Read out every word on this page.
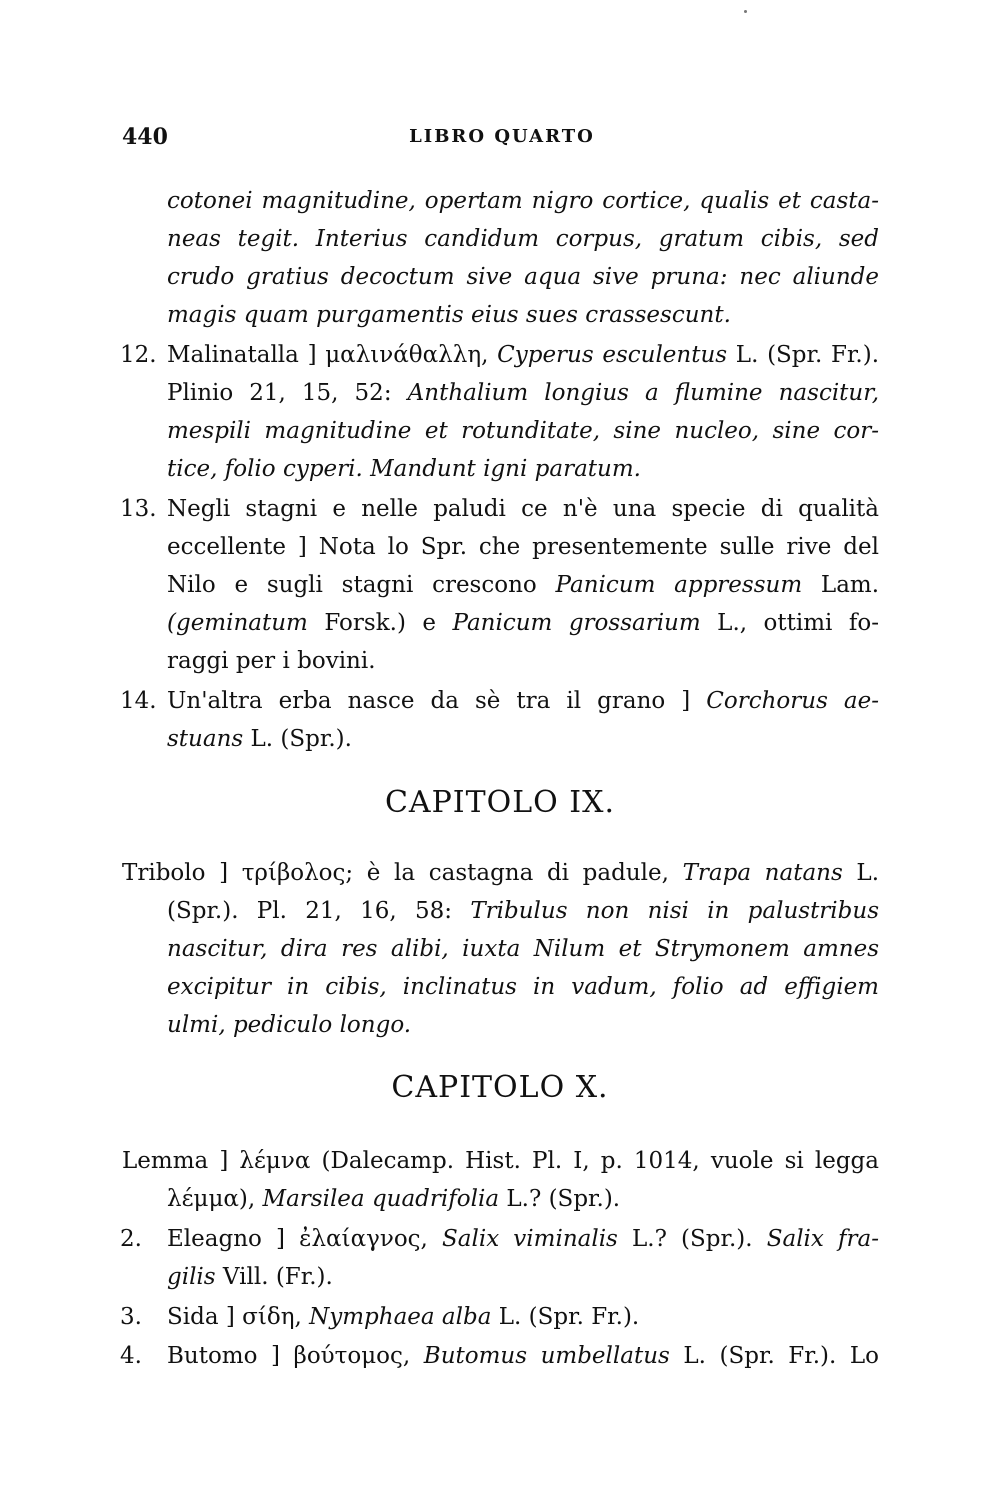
440	LIBRO QUARTO
cotonei magnitudine, opertam nigro cortice, qualis et casta-
neas tegit. Interius candidum corpus, gratum cibis, sed
crudo gratius decoctum sive aqua sive pruna: nec aliunde
magis quam purgamentis eius sues crassescunt.
12. Malinatalla ] μαλινάθαλλη, Cyperus esculentus L. (Spr. Fr.).
Plinio 21, 15, 52: Anthalium longius a flumine nascitur,
mespili magnitudine et rotunditate, sine nucleo, sine cor-
tice, folio cyperi. Mandunt igni paratum.
13. Negli stagni e nelle paludi ce n'è una specie di qualità
eccellente ] Nota lo Spr. che presentemente sulle rive del
Nilo e sugli stagni crescono Panicum appressum Lam.
(geminatum Forsk.) e Panicum grossarium L., ottimi fo-
raggi per i bovini.
14. Un'altra erba nasce da sè tra il grano ] Corchorus ae-
stuans L. (Spr.).
CAPITOLO IX.
Tribolo ] τρίβολος; è la castagna di padule, Trapa natans L.
(Spr.). Pl. 21, 16, 58: Tribulus non nisi in palustribus
nascitur, dira res alibi, iuxta Nilum et Strymonem amnes
excipitur in cibis, inclinatus in vadum, folio ad effigiem
ulmi, pediculo longo.
CAPITOLO X.
Lemma ] λέμνα (Dalecamp. Hist. Pl. I, p. 1014, vuole si legga
λέμμα), Marsilea quadrifolia L.? (Spr.).
2.	Eleagno ] ἐλαίαγνος, Salix viminalis L.? (Spr.). Salix fra-
gilis Vill. (Fr.).
3.	Sida ] σίδη, Nymphaea alba L. (Spr. Fr.).
4.	Butomo ] βούτομος, Butomus umbellatus L. (Spr. Fr.). Lo
